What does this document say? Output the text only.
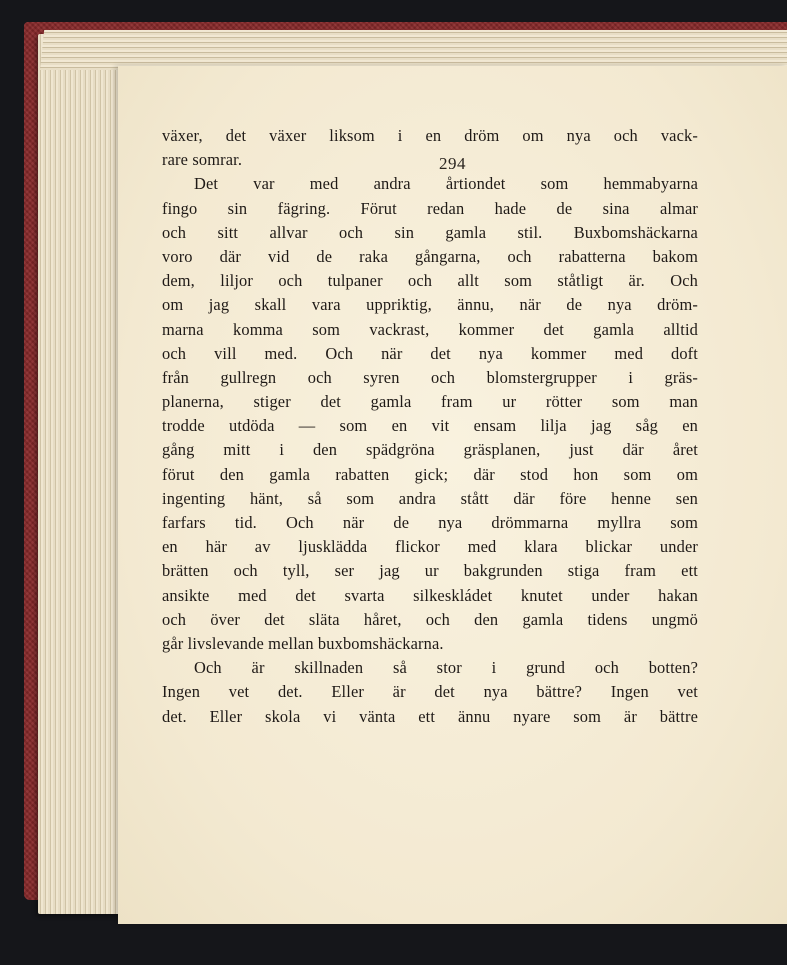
294
växer, det växer liksom i en dröm om nya och vack-
rare somrar.
Det var med andra årtiondet som hemmabyarna
fingo sin fägring. Förut redan hade de sina almar
och sitt allvar och sin gamla stil. Buxbomshäckarna
voro där vid de raka gångarna, och rabatterna bakom
dem, liljor och tulpaner och allt som ståtligt är. Och
om jag skall vara uppriktig, ännu, när de nya dröm-
marna komma som vackrast, kommer det gamla alltid
och vill med. Och när det nya kommer med doft
från gullregn och syren och blomstergrupper i gräs-
planerna, stiger det gamla fram ur rötter som man
trodde utdöda — som en vit ensam lilja jag såg en
gång mitt i den spädgröna gräsplanen, just där året
förut den gamla rabatten gick; där stod hon som om
ingenting hänt, så som andra stått där före henne sen
farfars tid. Och när de nya drömmarna myllra som
en här av ljusklädda flickor med klara blickar under
brätten och tyll, ser jag ur bakgrunden stiga fram ett
ansikte med det svarta silkeskládet knutet under hakan
och över det släta håret, och den gamla tidens ungmö
går livslevande mellan buxbomshäckarna.
Och är skillnaden så stor i grund och botten?
Ingen vet det. Eller är det nya bättre? Ingen vet
det. Eller skola vi vänta ett ännu nyare som är bättre
